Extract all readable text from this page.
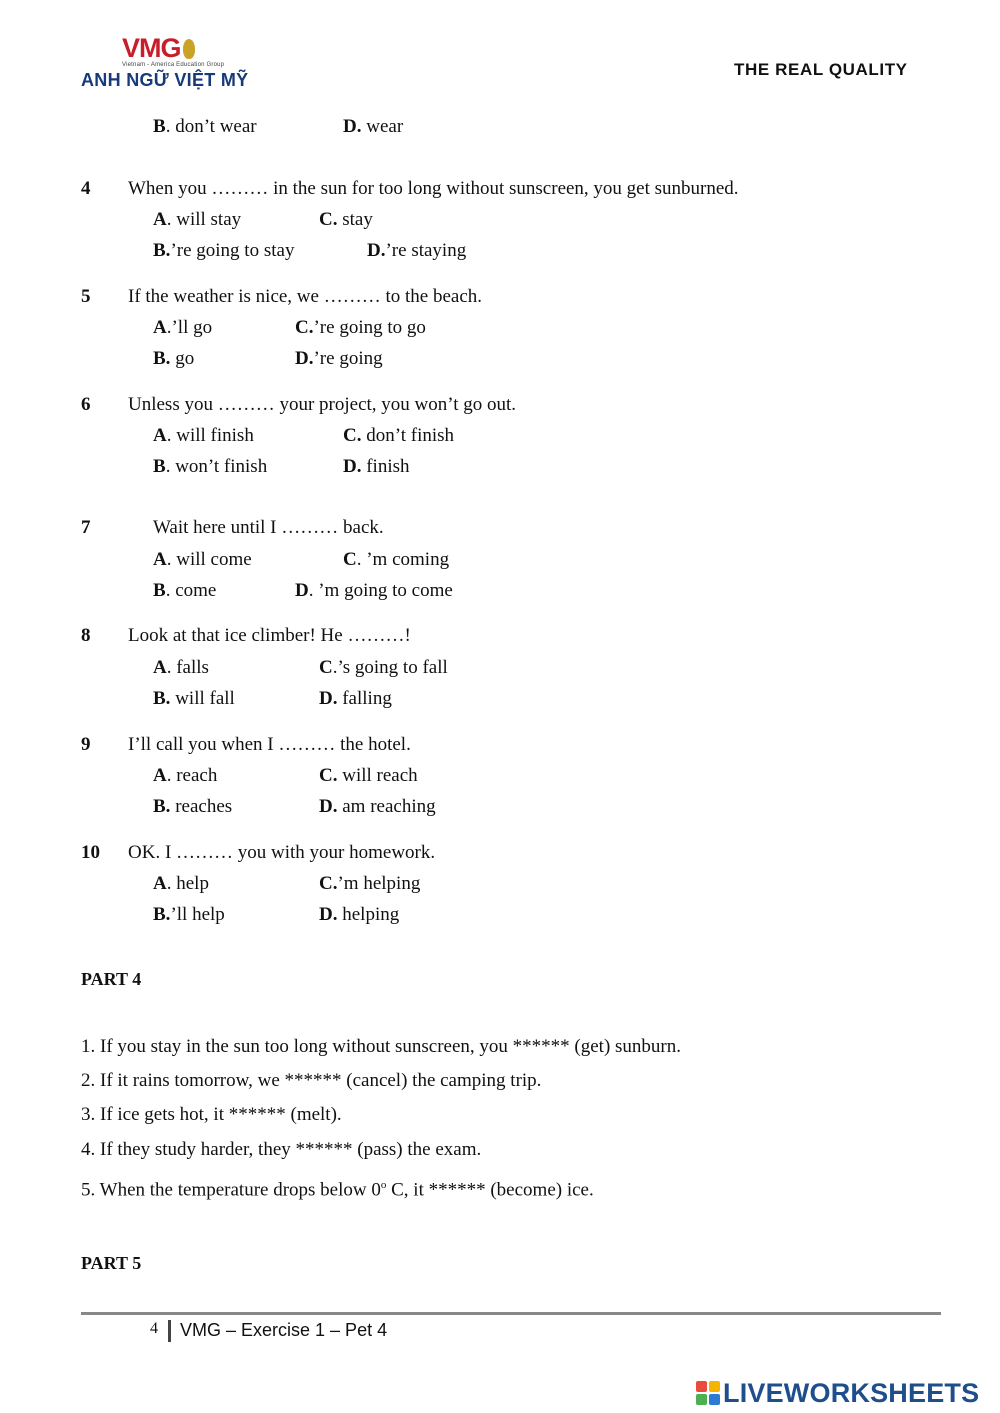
VMG
Vietnam - America Education Group
ANH NGỮ VIỆT MỸ
THE REAL QUALITY
B. don’t wear	D. wear
4 When you ……… in the sun for too long without sunscreen, you get sunburned.
A. will stay	C. stay
B.’re going to stay	D.’re staying
5 If the weather is nice, we ……… to the beach.
A.’ll go	C.’re going to go
B. go	D.’re going
6 Unless you ……… your project, you won’t go out.
A. will finish	C. don’t finish
B. won’t finish	D. finish
7	Wait here until I ……… back.
A. will come	C. ’m coming
B. come	D. ’m going to come
8 Look at that ice climber! He ………!
A. falls	C.’s going to fall
B. will fall	D. falling
9 I’ll call you when I ……… the hotel.
A. reach	C. will reach
B. reaches	D. am reaching
10 OK. I ……… you with your homework.
A. help	C.’m helping
B.’ll help	D. helping
PART 4
1. If you stay in the sun too long without sunscreen, you ****** (get) sunburn.
2. If it rains tomorrow, we ****** (cancel) the camping trip.
3. If ice gets hot, it ****** (melt).
4. If they study harder, they ****** (pass) the exam.
5. When the temperature drops below 0$^o$ C, it ****** (become) ice.
PART 5
4 VMG – Exercise 1 – Pet 4
LIVEWORKSHEETS
